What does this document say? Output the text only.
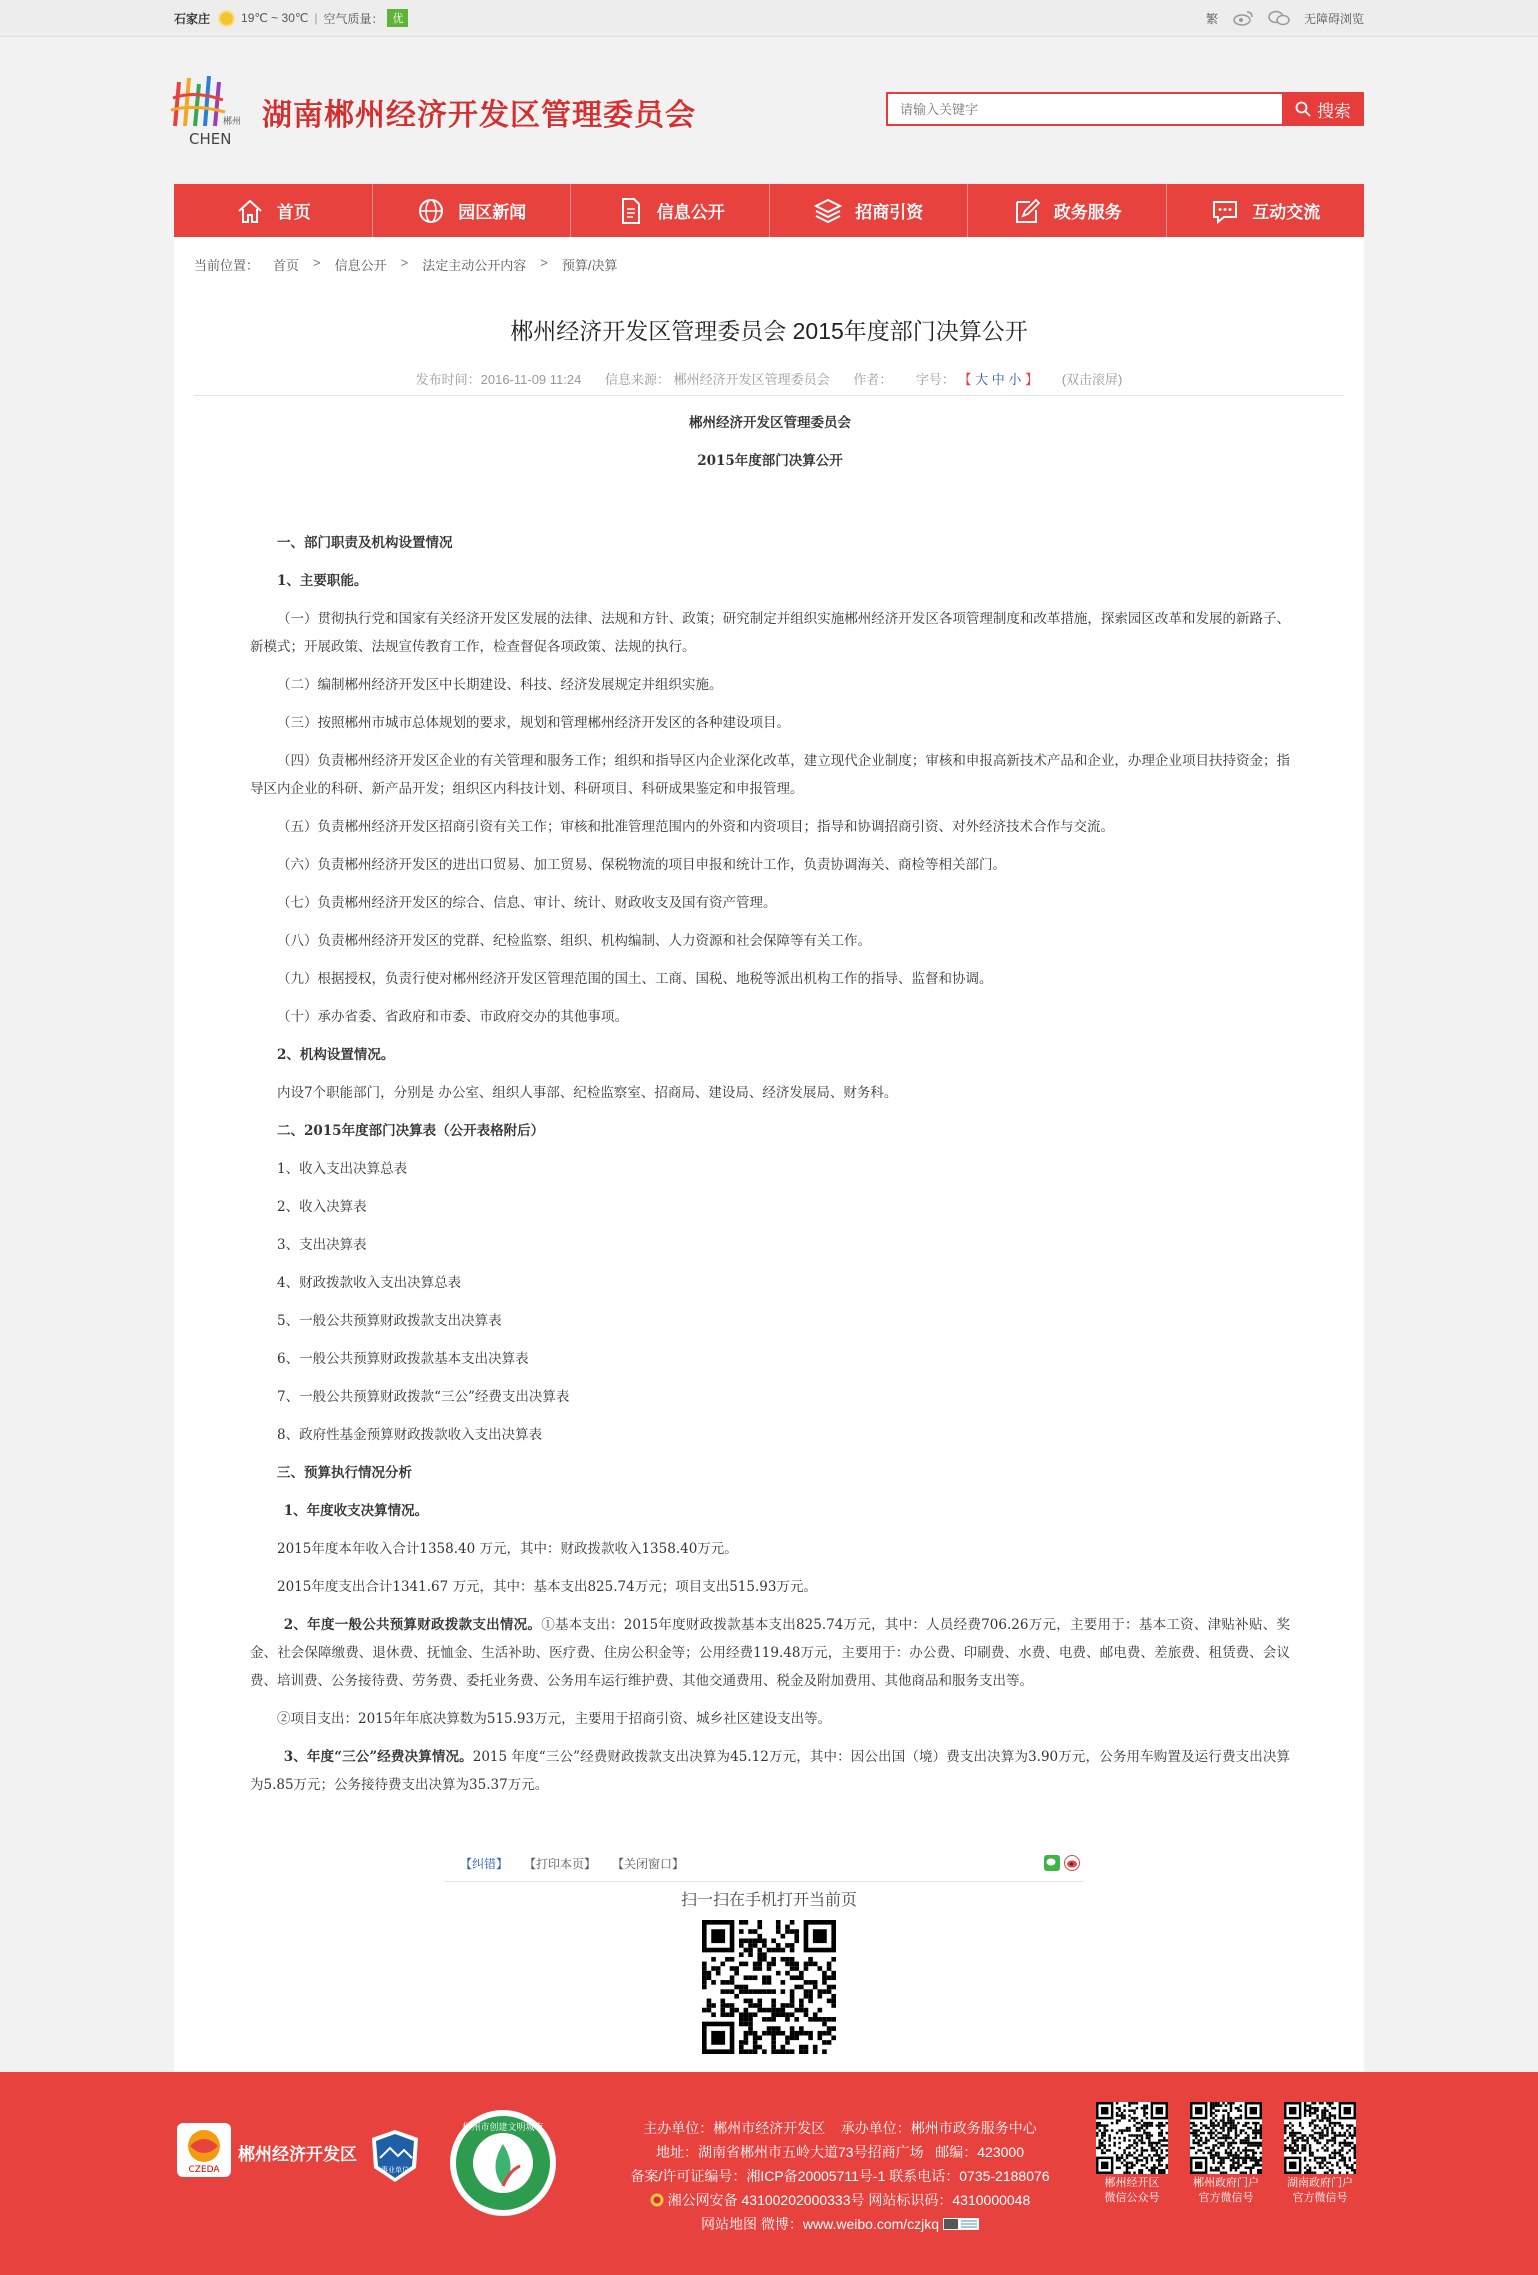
石家庄	19℃ ~ 30℃ | 空气质量： 优	繁	无障碍浏览
郴州
CHEN
湖南郴州经济开发区管理委员会
请输入关键字	搜索
首页	园区新闻	信息公开	招商引资	政务服务	互动交流
当前位置： 首页 > 信息公开 > 法定主动公开内容 > 预算/决算
郴州经济开发区管理委员会 2015年度部门决算公开
发布时间：2016-11-09 11:24 信息来源： 郴州经济开发区管理委员会 作者： 字号： 【 大 中 小 】 (双击滚屏)

郴州经济开发区管理委员会

2015年度部门决算公开

一、部门职责及机构设置情况

1、主要职能。

（一）贯彻执行党和国家有关经济开发区发展的法律、法规和方针、政策；研究制定并组织实施郴州经济开发区各项管理制度和改革措施，探索园区改革和发展的新路子、新模式；开展政策、法规宣传教育工作，检查督促各项政策、法规的执行。

（二）编制郴州经济开发区中长期建设、科技、经济发展规定并组织实施。

（三）按照郴州市城市总体规划的要求，规划和管理郴州经济开发区的各种建设项目。

（四）负责郴州经济开发区企业的有关管理和服务工作；组织和指导区内企业深化改革，建立现代企业制度；审核和申报高新技术产品和企业，办理企业项目扶持资金；指导区内企业的科研、新产品开发；组织区内科技计划、科研项目、科研成果鉴定和申报管理。

（五）负责郴州经济开发区招商引资有关工作；审核和批准管理范围内的外资和内资项目；指导和协调招商引资、对外经济技术合作与交流。

（六）负责郴州经济开发区的进出口贸易、加工贸易、保税物流的项目申报和统计工作，负责协调海关、商检等相关部门。

（七）负责郴州经济开发区的综合、信息、审计、统计、财政收支及国有资产管理。

（八）负责郴州经济开发区的党群、纪检监察、组织、机构编制、人力资源和社会保障等有关工作。

（九）根据授权，负责行使对郴州经济开发区管理范围的国土、工商、国税、地税等派出机构工作的指导、监督和协调。

（十）承办省委、省政府和市委、市政府交办的其他事项。

2、机构设置情况。

内设7个职能部门，分别是 办公室、组织人事部、纪检监察室、招商局、建设局、经济发展局、财务科。

二、2015年度部门决算表（公开表格附后）

1、收入支出决算总表

2、收入决算表

3、支出决算表

4、财政拨款收入支出决算总表

5、一般公共预算财政拨款支出决算表

6、一般公共预算财政拨款基本支出决算表

7、一般公共预算财政拨款“三公”经费支出决算表

8、政府性基金预算财政拨款收入支出决算表

三、预算执行情况分析

1、年度收支决算情况。

2015年度本年收入合计1358.40 万元，其中：财政拨款收入1358.40万元。

2015年度支出合计1341.67 万元，其中：基本支出825.74万元；项目支出515.93万元。

2、年度一般公共预算财政拨款支出情况。①基本支出：2015年度财政拨款基本支出825.74万元，其中：人员经费706.26万元，主要用于：基本工资、津贴补贴、奖金、社会保障缴费、退休费、抚恤金、生活补助、医疗费、住房公积金等；公用经费119.48万元，主要用于：办公费、印刷费、水费、电费、邮电费、差旅费、租赁费、会议费、培训费、公务接待费、劳务费、委托业务费、公务用车运行维护费、其他交通费用、税金及附加费用、其他商品和服务支出等。

②项目支出：2015年年底决算数为515.93万元，主要用于招商引资、城乡社区建设支出等。

3、年度“三公”经费决算情况。2015 年度“三公”经费财政拨款支出决算为45.12万元，其中：因公出国（境）费支出决算为3.90万元，公务用车购置及运行费支出决算为5.85万元；公务接待费支出决算为35.37万元。

【纠错】 【打印本页】 【关闭窗口】
扫一扫在手机打开当前页
CZEDA
郴州经济开发区
事业单位
郴州市创建文明城市	主办单位：郴州市经济开发区 承办单位：郴州市政务服务中心
地址：湖南省郴州市五岭大道73号招商广场 邮编：423000
备案/许可证编号：湘ICP备20005711号-1 联系电话：0735-2188076
湘公网安备 43100202000333号 网站标识码：4310000048
网站地图 微博：www.weibo.com/czjkq
郴州经开区
微信公众号
郴州政府门户
官方微信号
湖南政府门户
官方微信号
